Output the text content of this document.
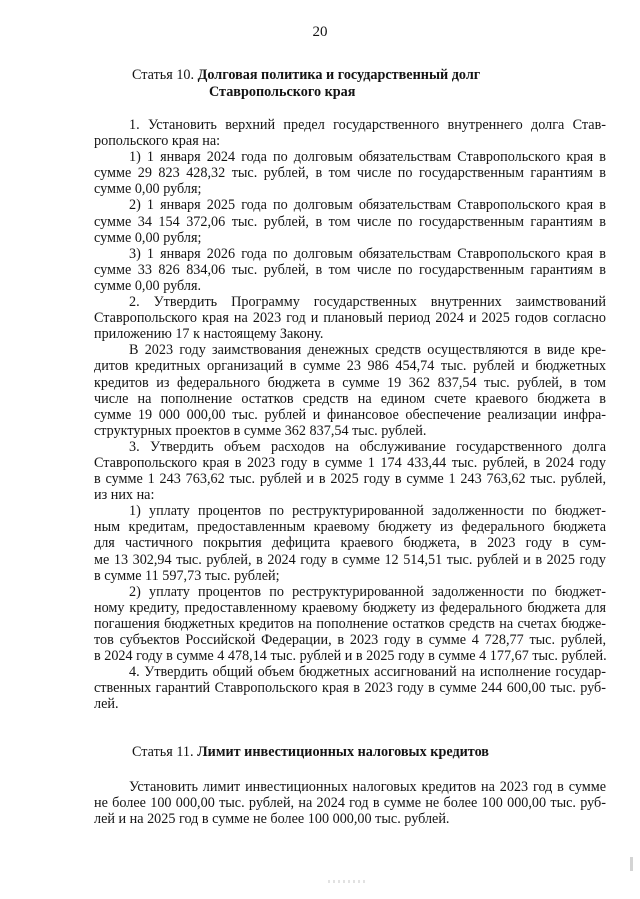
20
Статья 10. Долговая политика и государственный долг
Ставропольского края
1. Установить верхний предел государственного внутреннего долга Став-
ропольского края на:
1) 1 января 2024 года по долговым обязательствам Ставропольского края в
сумме 29 823 428,32 тыс. рублей, в том числе по государственным гарантиям в
сумме 0,00 рубля;
2) 1 января 2025 года по долговым обязательствам Ставропольского края в
сумме 34 154 372,06 тыс. рублей, в том числе по государственным гарантиям в
сумме 0,00 рубля;
3) 1 января 2026 года по долговым обязательствам Ставропольского края в
сумме 33 826 834,06 тыс. рублей, в том числе по государственным гарантиям в
сумме 0,00 рубля.
2. Утвердить Программу государственных внутренних заимствований
Ставропольского края на 2023 год и плановый период 2024 и 2025 годов согласно
приложению 17 к настоящему Закону.
В 2023 году заимствования денежных средств осуществляются в виде кре-
дитов кредитных организаций в сумме 23 986 454,74 тыс. рублей и бюджетных
кредитов из федерального бюджета в сумме 19 362 837,54 тыс. рублей, в том
числе на пополнение остатков средств на едином счете краевого бюджета в
сумме 19 000 000,00 тыс. рублей и финансовое обеспечение реализации инфра-
структурных проектов в сумме 362 837,54 тыс. рублей.
3. Утвердить объем расходов на обслуживание государственного долга
Ставропольского края в 2023 году в сумме 1 174 433,44 тыс. рублей, в 2024 году
в сумме 1 243 763,62 тыс. рублей и в 2025 году в сумме 1 243 763,62 тыс. рублей,
из них на:
1) уплату процентов по реструктурированной задолженности по бюджет-
ным кредитам, предоставленным краевому бюджету из федерального бюджета
для частичного покрытия дефицита краевого бюджета, в 2023 году в сум-
ме 13 302,94 тыс. рублей, в 2024 году в сумме 12 514,51 тыс. рублей и в 2025 году
в сумме 11 597,73 тыс. рублей;
2) уплату процентов по реструктурированной задолженности по бюджет-
ному кредиту, предоставленному краевому бюджету из федерального бюджета для
погашения бюджетных кредитов на пополнение остатков средств на счетах бюдже-
тов субъектов Российской Федерации, в 2023 году в сумме 4 728,77 тыс. рублей,
в 2024 году в сумме 4 478,14 тыс. рублей и в 2025 году в сумме 4 177,67 тыс. рублей.
4. Утвердить общий объем бюджетных ассигнований на исполнение государ-
ственных гарантий Ставропольского края в 2023 году в сумме 244 600,00 тыс. руб-
лей.
Статья 11. Лимит инвестиционных налоговых кредитов
Установить лимит инвестиционных налоговых кредитов на 2023 год в сумме
не более 100 000,00 тыс. рублей, на 2024 год в сумме не более 100 000,00 тыс. руб-
лей и на 2025 год в сумме не более 100 000,00 тыс. рублей.
